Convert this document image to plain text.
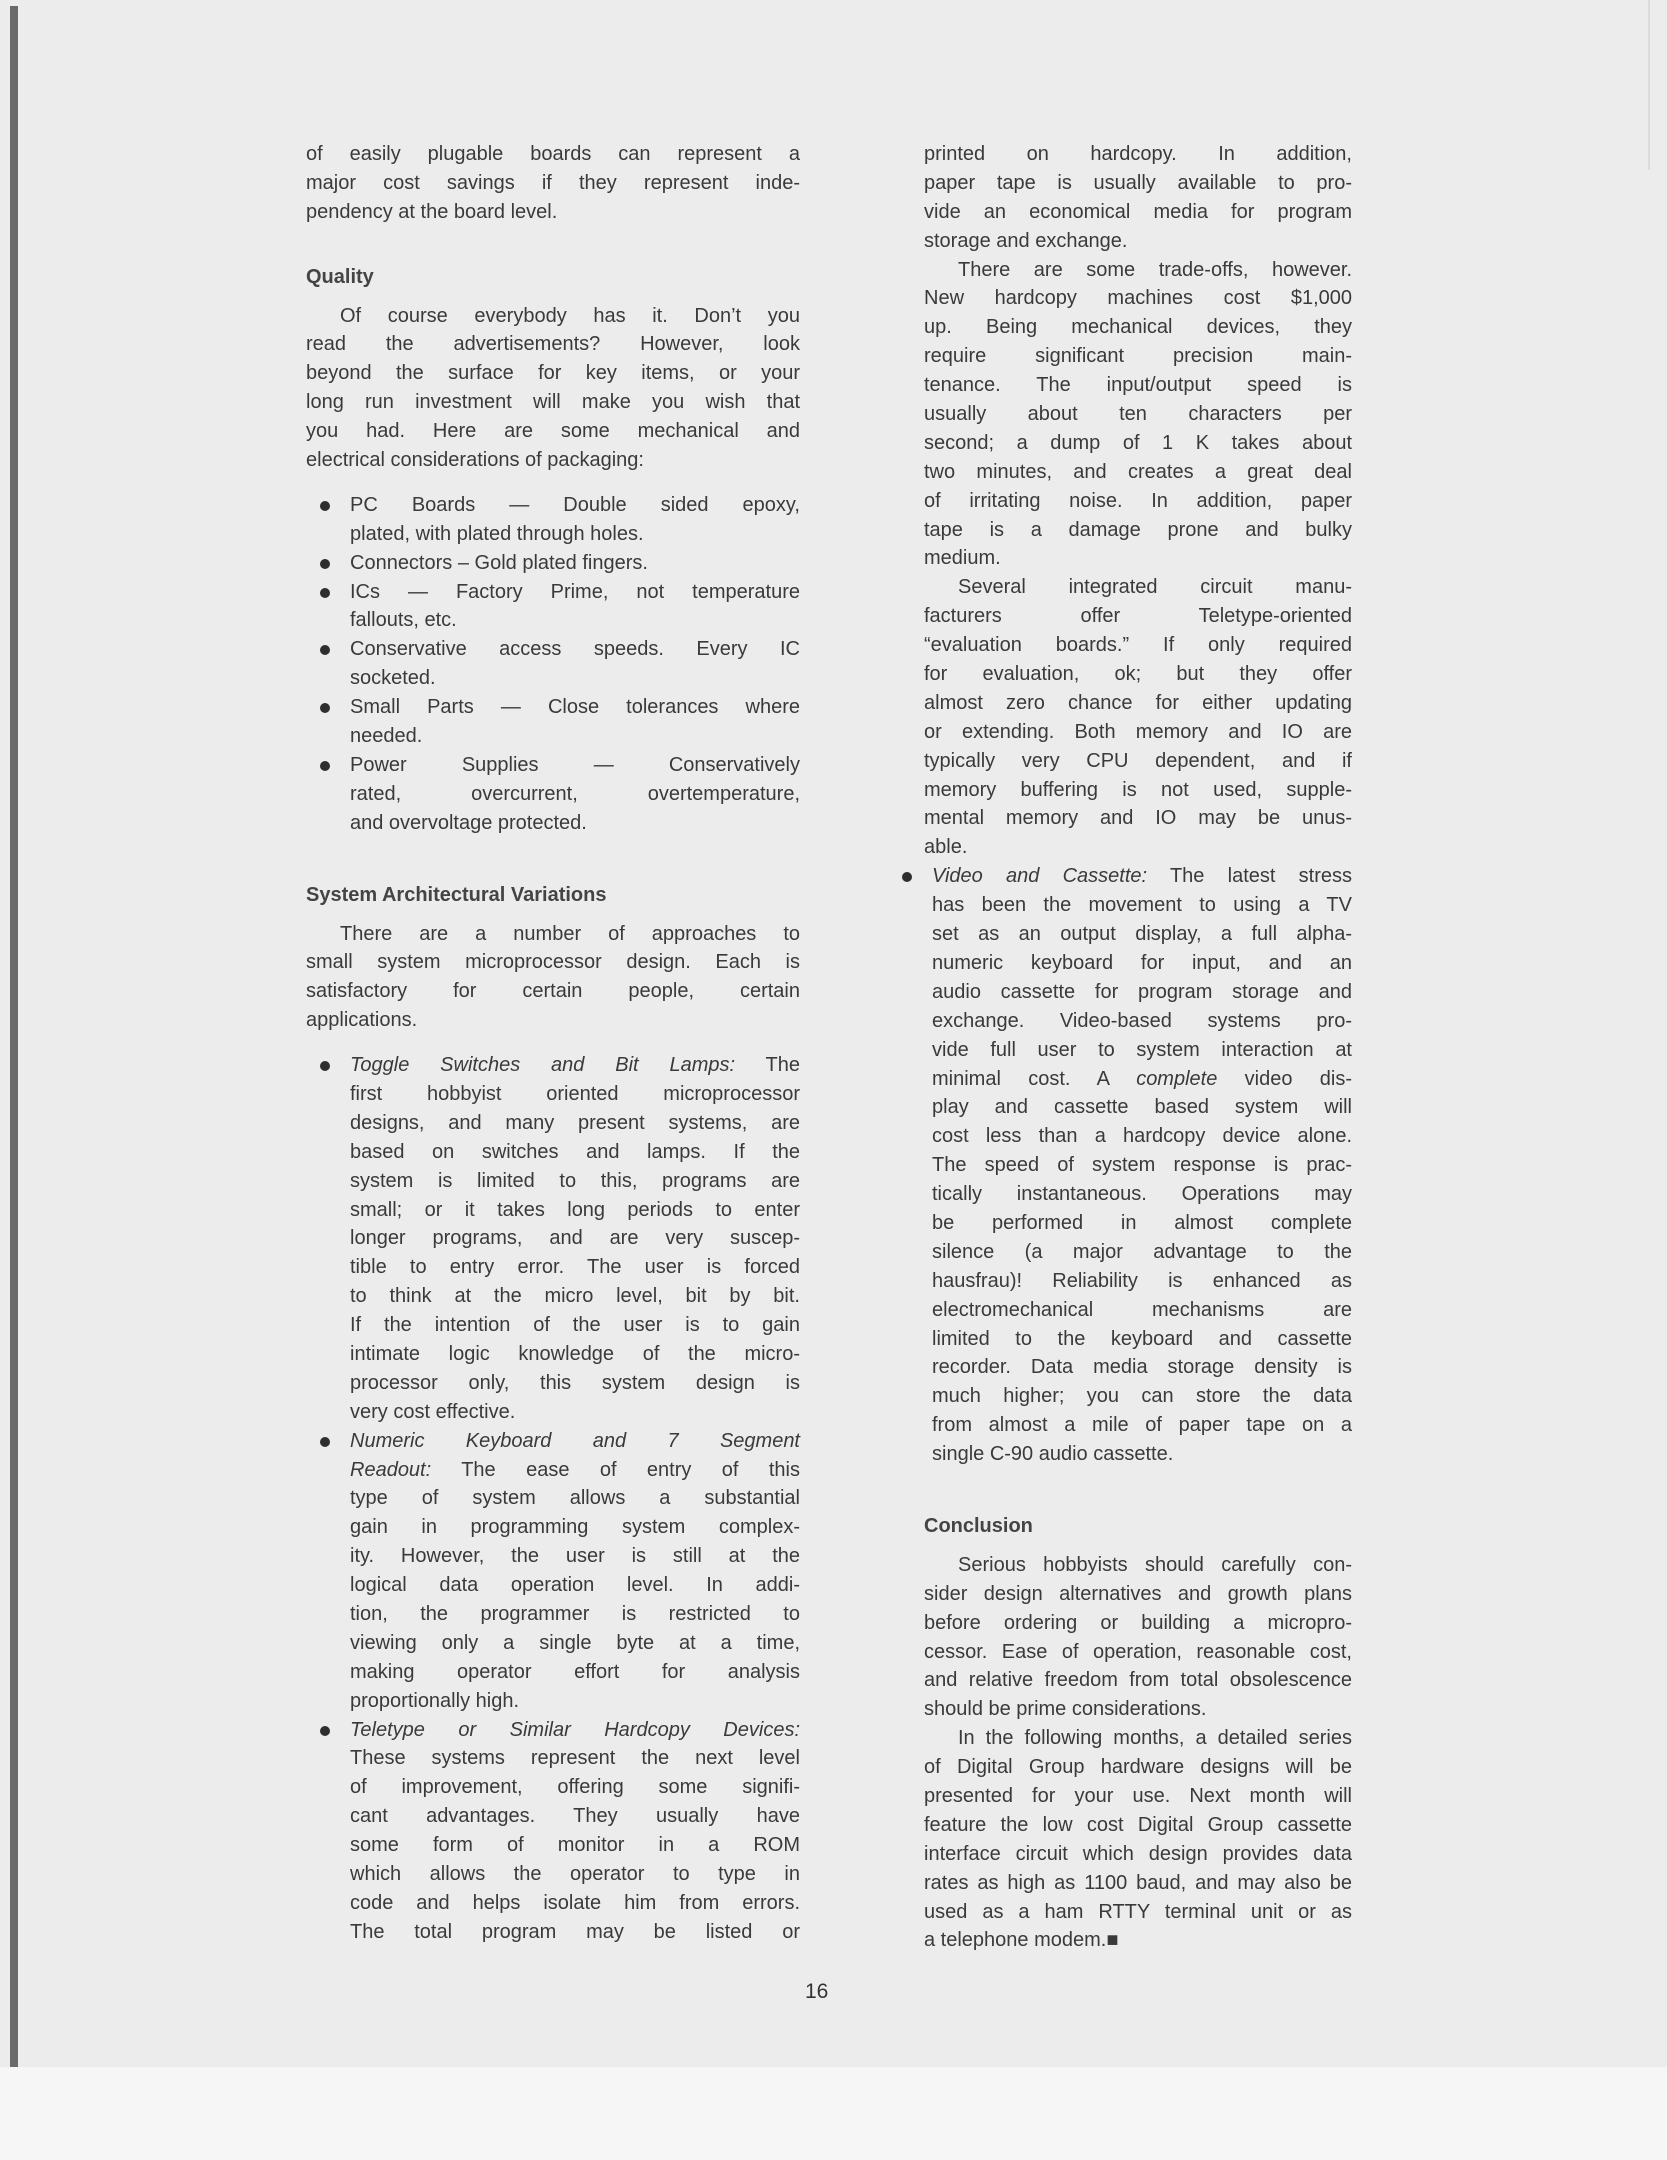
of easily plugable boards can represent a
major cost savings if they represent inde-
pendency at the board level.
Quality
Of course everybody has it. Don’t you
read the advertisements? However, look
beyond the surface for key items, or your
long run investment will make you wish that
you had. Here are some mechanical and
electrical considerations of packaging:
PC Boards — Double sided epoxy,
plated, with plated through holes.
Connectors – Gold plated fingers.
ICs — Factory Prime, not temperature
fallouts, etc.
Conservative access speeds. Every IC
socketed.
Small Parts — Close tolerances where
needed.
Power Supplies — Conservatively
rated, overcurrent, overtemperature,
and overvoltage protected.
System Architectural Variations
There are a number of approaches to
small system microprocessor design. Each is
satisfactory for certain people, certain
applications.
Toggle Switches and Bit Lamps: The
first hobbyist oriented microprocessor
designs, and many present systems, are
based on switches and lamps. If the
system is limited to this, programs are
small; or it takes long periods to enter
longer programs, and are very suscep-
tible to entry error. The user is forced
to think at the micro level, bit by bit.
If the intention of the user is to gain
intimate logic knowledge of the micro-
processor only, this system design is
very cost effective.
Numeric Keyboard and 7 Segment
Readout: The ease of entry of this
type of system allows a substantial
gain in programming system complex-
ity. However, the user is still at the
logical data operation level. In addi-
tion, the programmer is restricted to
viewing only a single byte at a time,
making operator effort for analysis
proportionally high.
Teletype or Similar Hardcopy Devices:
These systems represent the next level
of improvement, offering some signifi-
cant advantages. They usually have
some form of monitor in a ROM
which allows the operator to type in
code and helps isolate him from errors.
The total program may be listed or
printed on hardcopy. In addition,
paper tape is usually available to pro-
vide an economical media for program
storage and exchange.
There are some trade-offs, however.
New hardcopy machines cost $1,000
up. Being mechanical devices, they
require significant precision main-
tenance. The input/output speed is
usually about ten characters per
second; a dump of 1 K takes about
two minutes, and creates a great deal
of irritating noise. In addition, paper
tape is a damage prone and bulky
medium.
Several integrated circuit manu-
facturers offer Teletype-oriented
“evaluation boards.” If only required
for evaluation, ok; but they offer
almost zero chance for either updating
or extending. Both memory and IO are
typically very CPU dependent, and if
memory buffering is not used, supple-
mental memory and IO may be unus-
able.
Video and Cassette: The latest stress
has been the movement to using a TV
set as an output display, a full alpha-
numeric keyboard for input, and an
audio cassette for program storage and
exchange. Video-based systems pro-
vide full user to system interaction at
minimal cost. A complete video dis-
play and cassette based system will
cost less than a hardcopy device alone.
The speed of system response is prac-
tically instantaneous. Operations may
be performed in almost complete
silence (a major advantage to the
hausfrau)! Reliability is enhanced as
electromechanical mechanisms are
limited to the keyboard and cassette
recorder. Data media storage density is
much higher; you can store the data
from almost a mile of paper tape on a
single C-90 audio cassette.
Conclusion
Serious hobbyists should carefully con-
sider design alternatives and growth plans
before ordering or building a micropro-
cessor. Ease of operation, reasonable cost,
and relative freedom from total obsolescence
should be prime considerations.
In the following months, a detailed series
of Digital Group hardware designs will be
presented for your use. Next month will
feature the low cost Digital Group cassette
interface circuit which design provides data
rates as high as 1100 baud, and may also be
used as a ham RTTY terminal unit or as
a telephone modem.■
16
